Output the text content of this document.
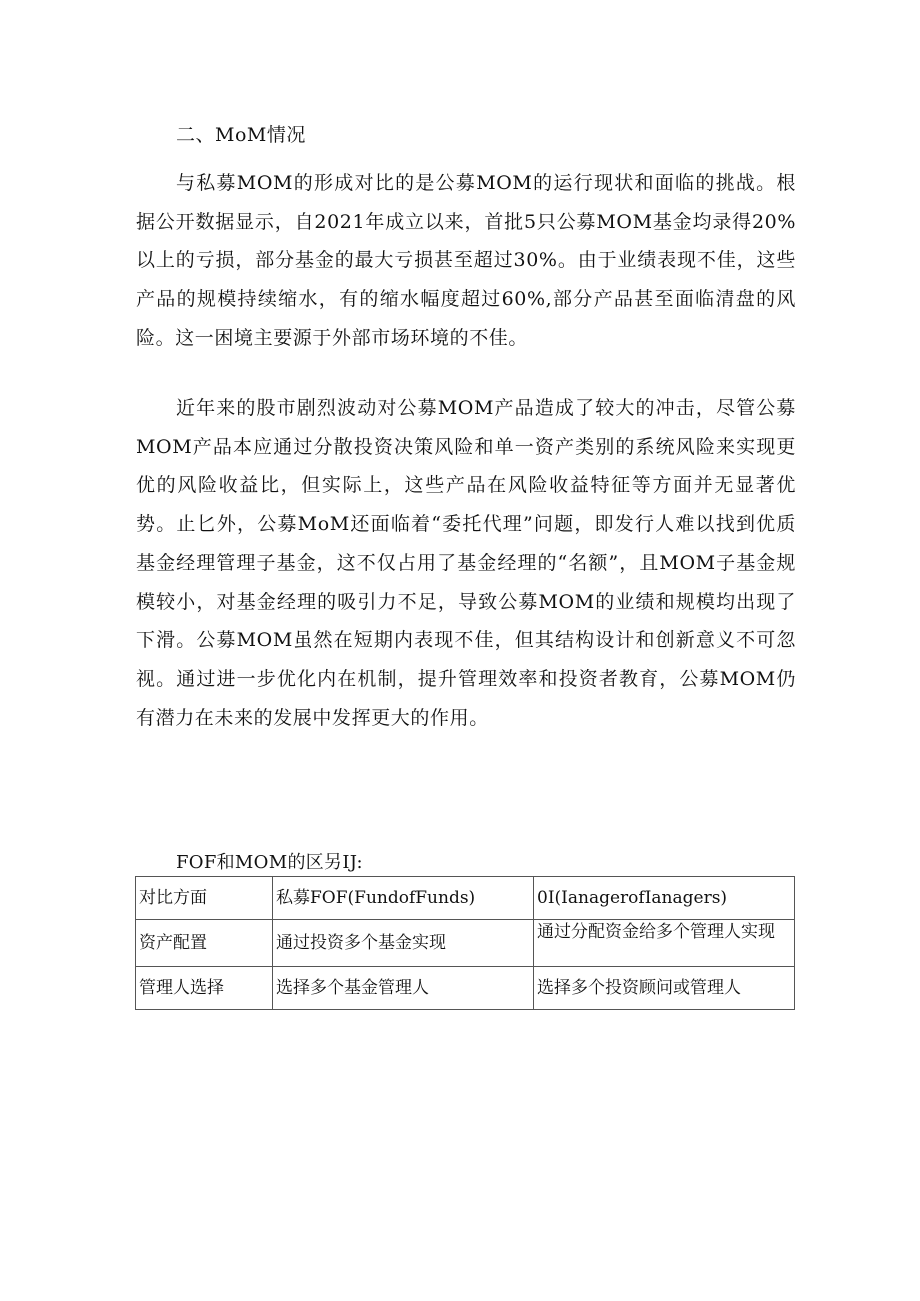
二、MoM情况

与私募MOM的形成对比的是公募MOM的运行现状和面临的挑战。根据公开数据显示，自2021年成立以来，首批5只公募MOM基金均录得20%以上的亏损，部分基金的最大亏损甚至超过30%。由于业绩表现不佳，这些产品的规模持续缩水，有的缩水幅度超过60%,部分产品甚至面临清盘的风险。这一困境主要源于外部市场环境的不佳。

近年来的股市剧烈波动对公募MOM产品造成了较大的冲击，尽管公募MOM产品本应通过分散投资决策风险和单一资产类别的系统风险来实现更优的风险收益比，但实际上，这些产品在风险收益特征等方面并无显著优势。止匕外，公募MoM还面临着“委托代理”问题，即发行人难以找到优质基金经理管理子基金，这不仅占用了基金经理的“名额”，且MOM子基金规模较小，对基金经理的吸引力不足，导致公募MOM的业绩和规模均出现了下滑。公募MOM虽然在短期内表现不佳，但其结构设计和创新意义不可忽视。通过进一步优化内在机制，提升管理效率和投资者教育，公募MOM仍有潜力在未来的发展中发挥更大的作用。

FOF和MOM的区另IJ:
对比方面	私募FOF(FundofFunds)	0I(IanagerofIanagers)
资产配置	通过投资多个基金实现	通过分配资金给多个管理人实现
管理人选择	选择多个基金管理人	选择多个投资顾问或管理人
